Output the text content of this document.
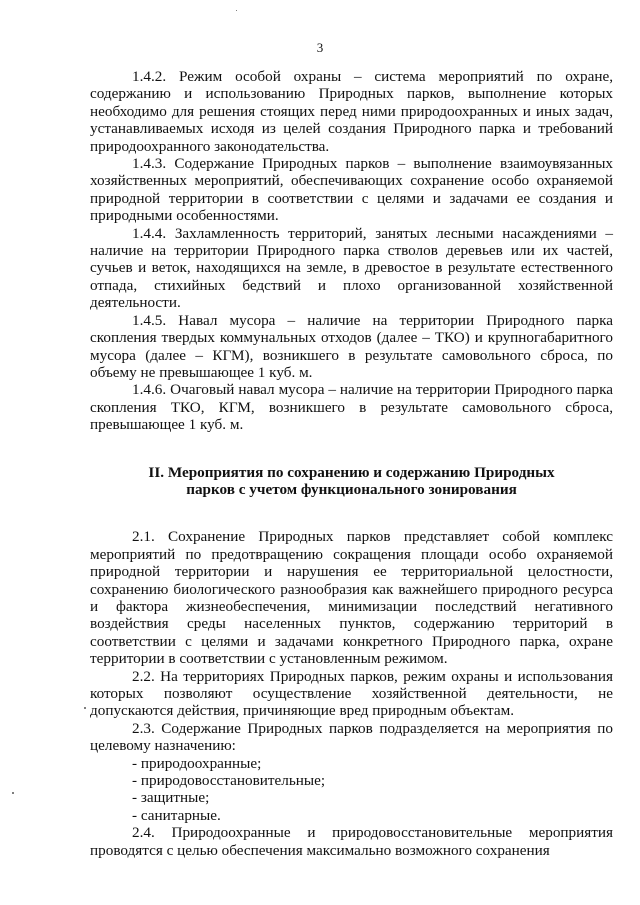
3

1.4.2. Режим особой охраны – система мероприятий по охране, содержанию и использованию Природных парков, выполнение которых необходимо для решения стоящих перед ними природоохранных и иных задач, устанавливаемых исходя из целей создания Природного парка и требований природоохранного законодательства.

1.4.3. Содержание Природных парков – выполнение взаимоувязанных хозяйственных мероприятий, обеспечивающих сохранение особо охраняемой природной территории в соответствии с целями и задачами ее создания и природными особенностями.

1.4.4. Захламленность территорий, занятых лесными насаждениями – наличие на территории Природного парка стволов деревьев или их частей, сучьев и веток, находящихся на земле, в древостое в результате естественного отпада, стихийных бедствий и плохо организованной хозяйственной деятельности.

1.4.5. Навал мусора – наличие на территории Природного парка скопления твердых коммунальных отходов (далее – ТКО) и крупногабаритного мусора (далее – КГМ), возникшего в результате самовольного сброса, по объему не превышающее 1 куб. м.

1.4.6. Очаговый навал мусора – наличие на территории Природного парка скопления ТКО, КГМ, возникшего в результате самовольного сброса, превышающее 1 куб. м.

II. Мероприятия по сохранению и содержанию Природных
парков с учетом функционального зонирования

2.1. Сохранение Природных парков представляет собой комплекс мероприятий по предотвращению сокращения площади особо охраняемой природной территории и нарушения ее территориальной целостности, сохранению биологического разнообразия как важнейшего природного ресурса и фактора жизнеобеспечения, минимизации последствий негативного воздействия среды населенных пунктов, содержанию территорий в соответствии с целями и задачами конкретного Природного парка, охране территории в соответствии с установленным режимом.

2.2. На территориях Природных парков, режим охраны и использования которых позволяют осуществление хозяйственной деятельности, не допускаются действия, причиняющие вред природным объектам.

2.3. Содержание Природных парков подразделяется на мероприятия по целевому назначению:

- природоохранные;
- природовосстановительные;
- защитные;
- санитарные.

2.4. Природоохранные и природовосстановительные мероприятия проводятся с целью обеспечения максимально возможного сохранения
